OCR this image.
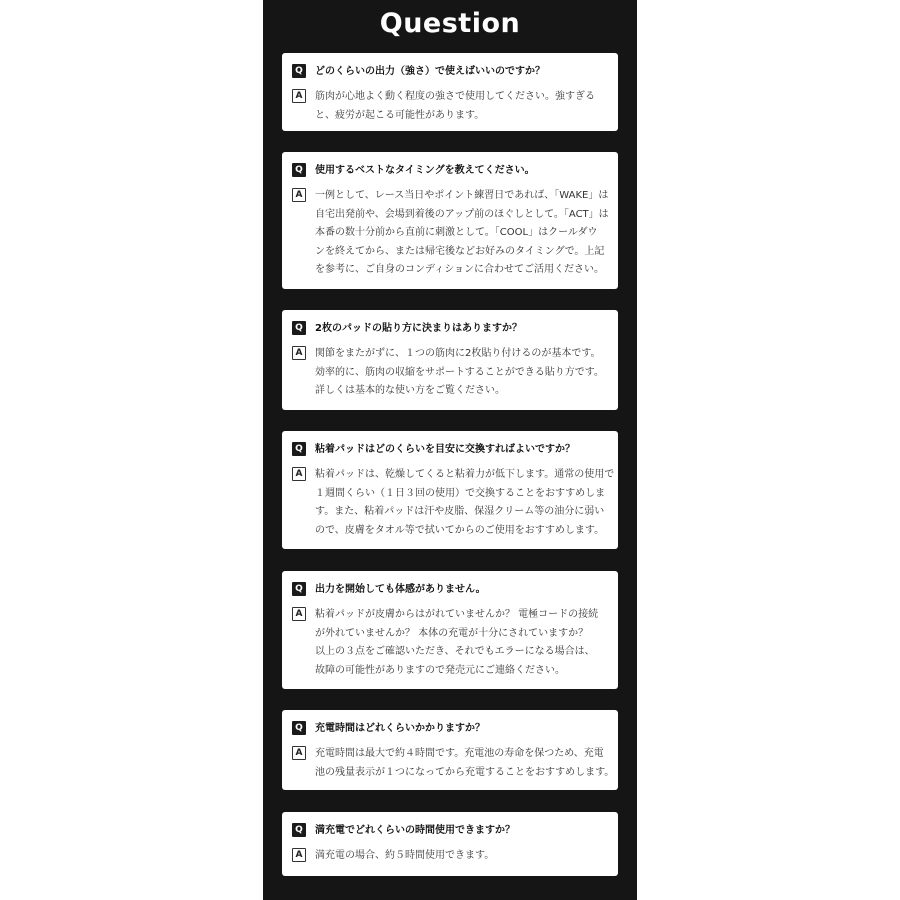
Question
Q	どのくらいの出力（強さ）で使えばいいのですか？
A	筋肉が心地よく動く程度の強さで使用してください。強すぎる
と、疲労が起こる可能性があります。
Q	使用するベストなタイミングを教えてください。
A	一例として、レース当日やポイント練習日であれば、「WAKE」は
自宅出発前や、会場到着後のアップ前のほぐしとして。「ACT」は
本番の数十分前から直前に刺激として。「COOL」はクールダウ
ンを終えてから、または帰宅後などお好みのタイミングで。上記
を参考に、ご自身のコンディションに合わせてご活用ください。
Q	2枚のパッドの貼り方に決まりはありますか？
A	関節をまたがずに、１つの筋肉に2枚貼り付けるのが基本です。
効率的に、筋肉の収縮をサポートすることができる貼り方です。
詳しくは基本的な使い方をご覧ください。
Q	粘着パッドはどのくらいを目安に交換すればよいですか？
A	粘着パッドは、乾燥してくると粘着力が低下します。通常の使用で
１週間くらい（１日３回の使用）で交換することをおすすめしま
す。また、粘着パッドは汗や皮脂、保湿クリーム等の油分に弱い
ので、皮膚をタオル等で拭いてからのご使用をおすすめします。
Q	出力を開始しても体感がありません。
A	粘着パッドが皮膚からはがれていませんか？ 電極コードの接続
が外れていませんか？ 本体の充電が十分にされていますか？
以上の３点をご確認いただき、それでもエラーになる場合は、
故障の可能性がありますので発売元にご連絡ください。
Q	充電時間はどれくらいかかりますか？
A	充電時間は最大で約４時間です。充電池の寿命を保つため、充電
池の残量表示が１つになってから充電することをおすすめします。
Q	満充電でどれくらいの時間使用できますか？
A	満充電の場合、約５時間使用できます。
